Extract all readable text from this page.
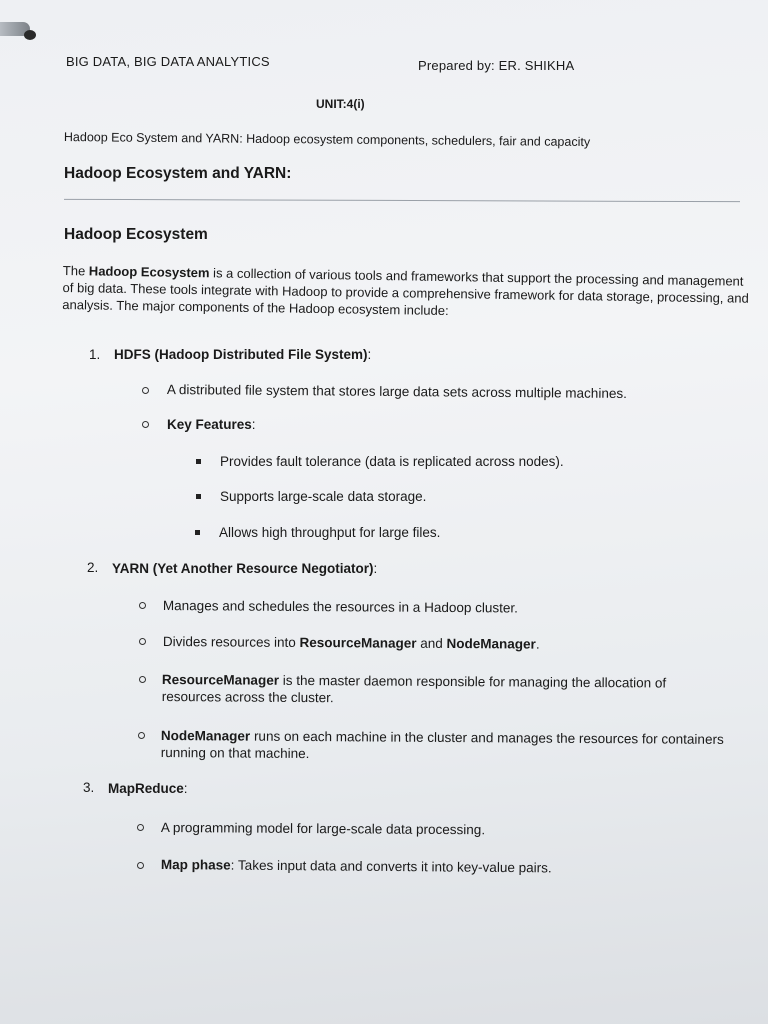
BIG DATA, BIG DATA ANALYTICS	Prepared by: ER. SHIKHA
UNIT:4(i)
Hadoop Eco System and YARN: Hadoop ecosystem components, schedulers, fair and capacity
Hadoop Ecosystem and YARN:
Hadoop Ecosystem
The Hadoop Ecosystem is a collection of various tools and frameworks that support the processing and management of big data. These tools integrate with Hadoop to provide a comprehensive framework for data storage, processing, and analysis. The major components of the Hadoop ecosystem include:
1. HDFS (Hadoop Distributed File System):
A distributed file system that stores large data sets across multiple machines.
Key Features:
Provides fault tolerance (data is replicated across nodes).
Supports large-scale data storage.
Allows high throughput for large files.
2. YARN (Yet Another Resource Negotiator):
Manages and schedules the resources in a Hadoop cluster.
Divides resources into ResourceManager and NodeManager.
ResourceManager is the master daemon responsible for managing the allocation of resources across the cluster.
NodeManager runs on each machine in the cluster and manages the resources for containers running on that machine.
3. MapReduce:
A programming model for large-scale data processing.
Map phase: Takes input data and converts it into key-value pairs.
